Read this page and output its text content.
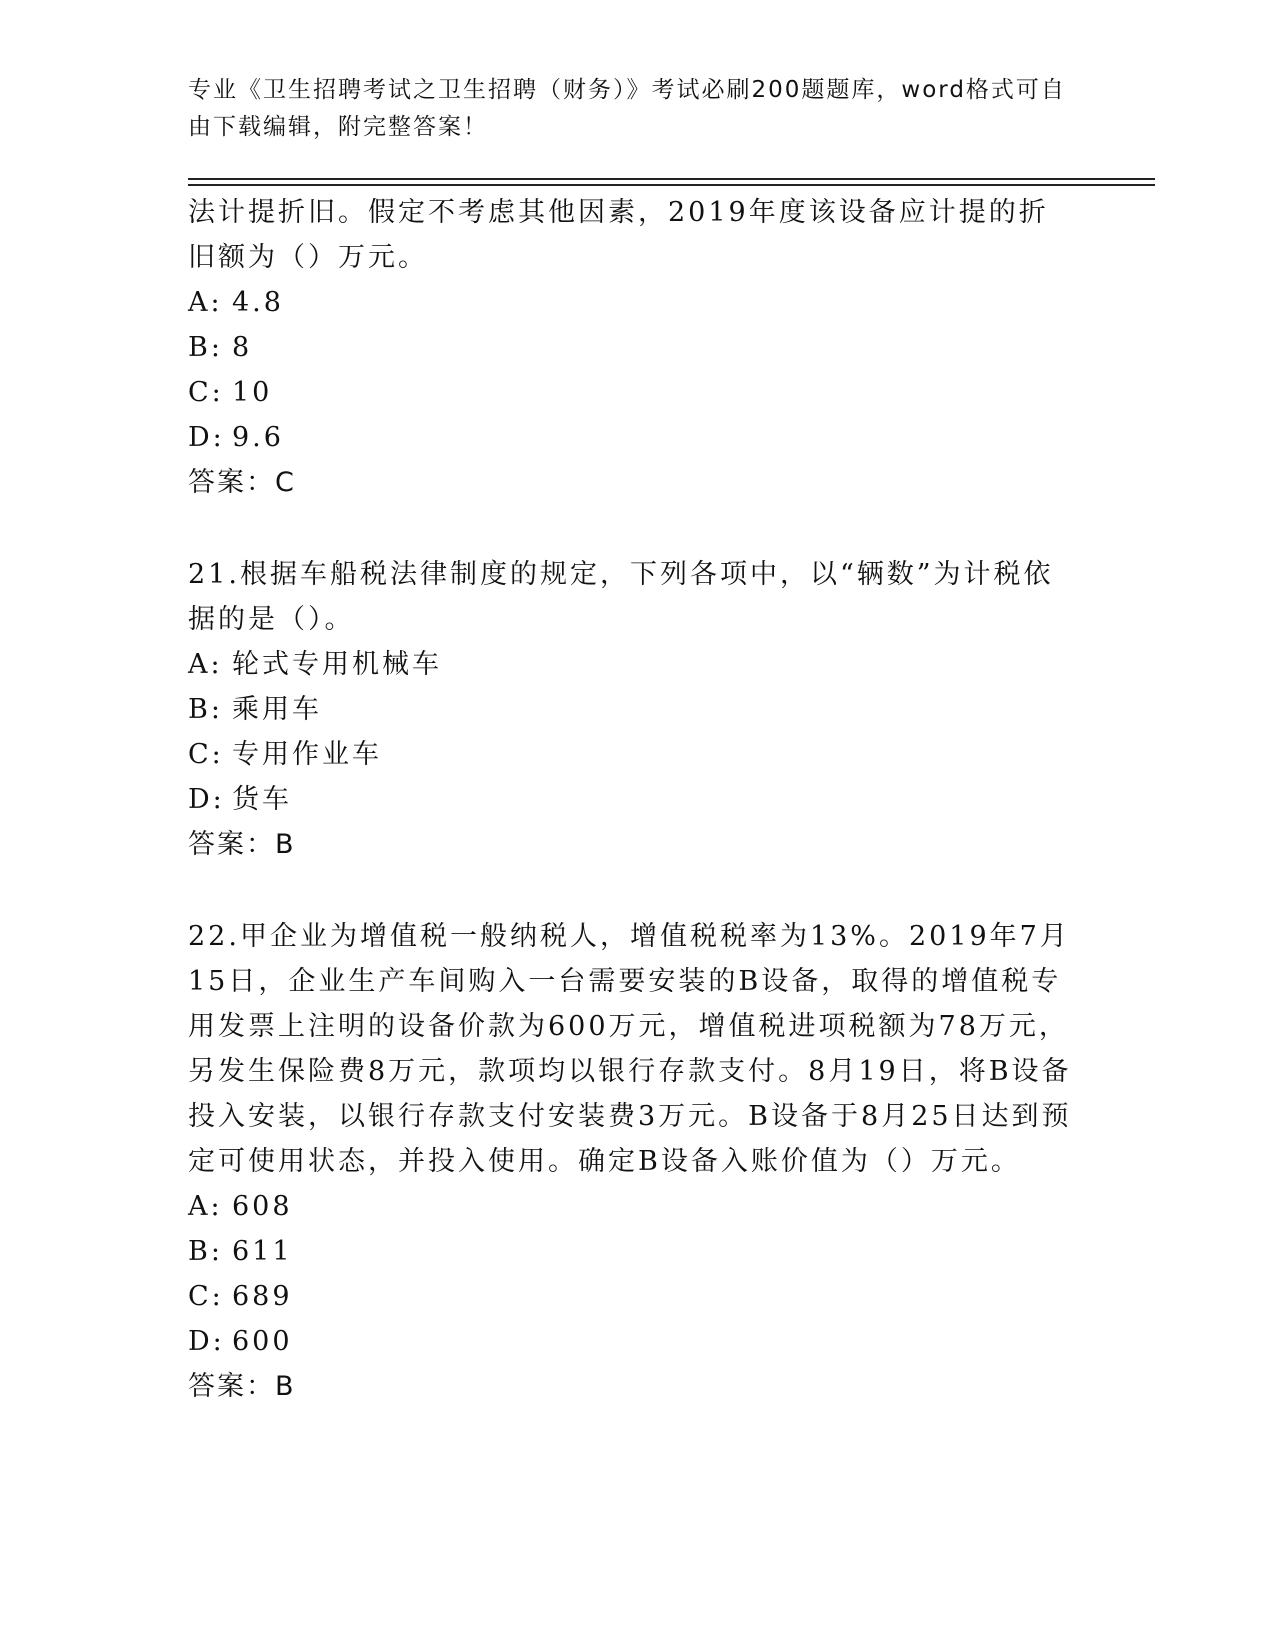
专业《卫生招聘考试之卫生招聘（财务）》考试必刷200题题库，word格式可自由下载编辑，附完整答案！

法计提折旧。假定不考虑其他因素，2019年度该设备应计提的折旧额为（）万元。

A: 4.8

B: 8

C: 10

D: 9.6

答案：C

21.根据车船税法律制度的规定，下列各项中，以“辆数”为计税依据的是（）。

A: 轮式专用机械车

B: 乘用车

C: 专用作业车

D: 货车

答案：B

22.甲企业为增值税一般纳税人，增值税税率为13%。2019年7月15日，企业生产车间购入一台需要安装的B设备，取得的增值税专用发票上注明的设备价款为600万元，增值税进项税额为78万元，另发生保险费8万元，款项均以银行存款支付。8月19日，将B设备投入安装，以银行存款支付安装费3万元。B设备于8月25日达到预定可使用状态，并投入使用。确定B设备入账价值为（）万元。

A: 608

B: 611

C: 689

D: 600

答案：B
